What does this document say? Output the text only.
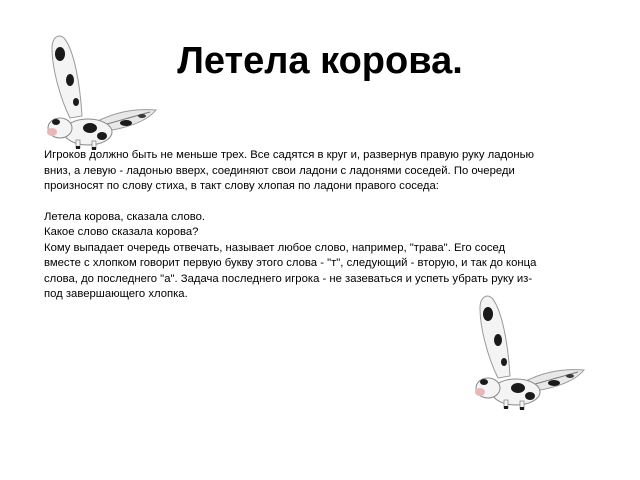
Летела корова.

Игроков должно быть не меньше трех. Все садятся в круг и, развернув правую руку ладонью вниз, а левую - ладонью вверх, соединяют свои ладони с ладонями соседей. По очереди произносят по слову стиха, в такт слову хлопая по ладони правого соседа:

Летела корова, сказала слово.

Какое слово сказала корова?

Кому выпадает очередь отвечать, называет любое слово, например, "трава". Его сосед вместе с хлопком говорит первую букву этого слова - "т", следующий - вторую, и так до конца слова, до последнего "а". Задача последнего игрока - не зазеваться и успеть убрать руку из-под завершающего хлопка.
